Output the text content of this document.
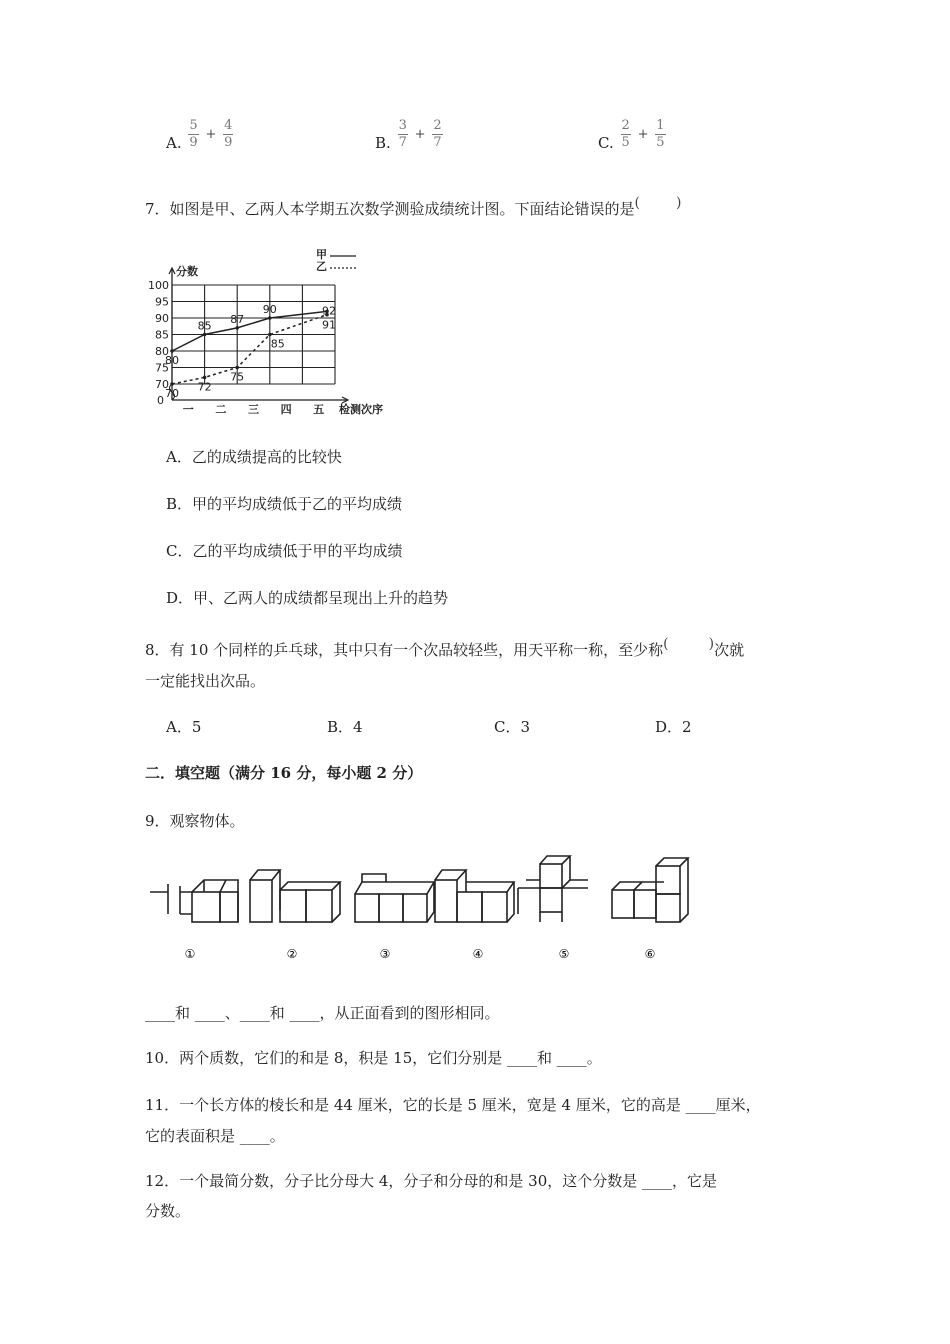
A. $\frac{5}{9} + \frac{4}{9}$	B. $\frac{3}{7} + \frac{2}{7}$	C. $\frac{2}{5} + \frac{1}{5}$
7．如图是甲、乙两人本学期五次数学测验成绩统计图。下面结论错误的是(	)
100
95
90
85
80
75
70
0
分数
一 二 三 四 五 检测次序
80
85
87
90	92
70
72
75
85
91
甲
乙
A．乙的成绩提高的比较快
B．甲的平均成绩低于乙的平均成绩
C．乙的平均成绩低于甲的平均成绩
D．甲、乙两人的成绩都呈现出上升的趋势
8．有 10 个同样的乒乓球，其中只有一个次品较轻些，用天平称一称，至少称(	)次就
一定能找出次品。
A．5	B．4	C．3	D．2
二．填空题（满分 16 分，每小题 2 分）
9．观察物体。
①	②	③	④	⑤	⑥
____和 ____、____和 ____，从正面看到的图形相同。
10．两个质数，它们的和是 8，积是 15，它们分别是 ____和 ____。
11．一个长方体的棱长和是 44 厘米，它的长是 5 厘米，宽是 4 厘米，它的高是 ____厘米，
它的表面积是 ____。
12．一个最简分数，分子比分母大 4，分子和分母的和是 30，这个分数是 ____，它是
分数。
